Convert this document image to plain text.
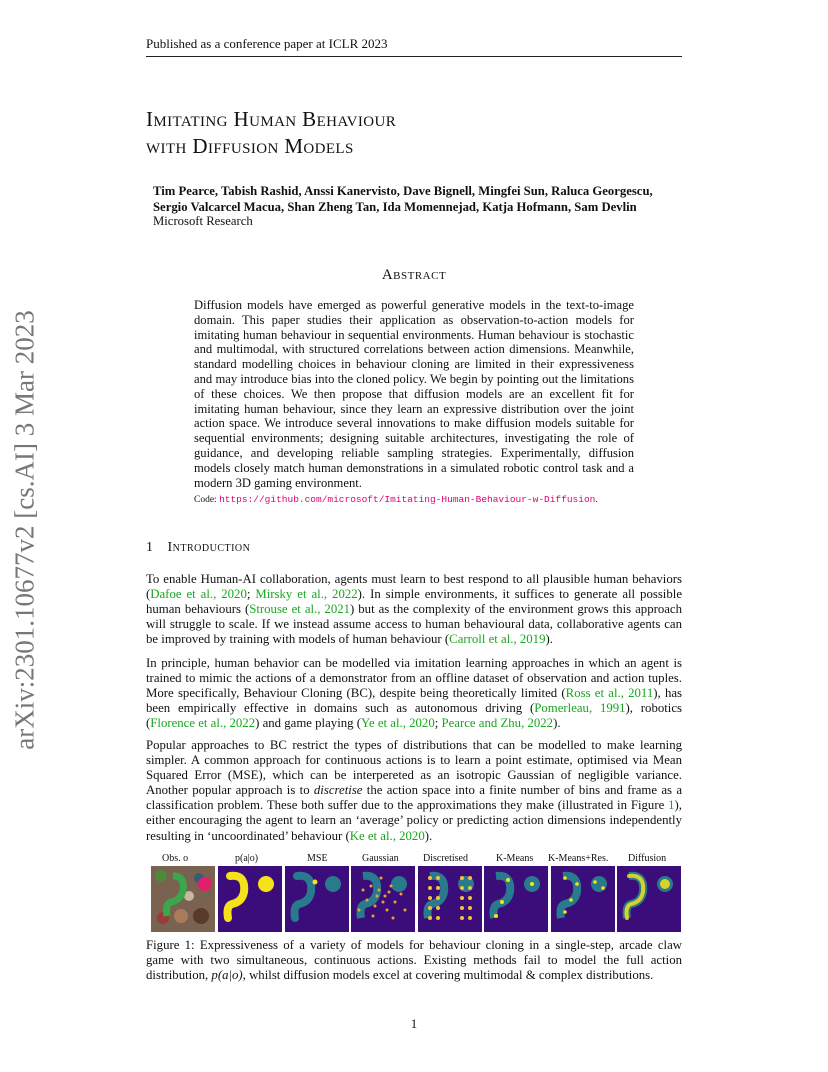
Published as a conference paper at ICLR 2023
arXiv:2301.10677v2 [cs.AI] 3 Mar 2023
Imitating Human Behaviour
with Diffusion Models
Tim Pearce, Tabish Rashid, Anssi Kanervisto, Dave Bignell, Mingfei Sun, Raluca Georgescu,
Sergio Valcarcel Macua, Shan Zheng Tan, Ida Momennejad, Katja Hofmann, Sam Devlin
Microsoft Research
Abstract
Diffusion models have emerged as powerful generative models in the text-to-image domain. This paper studies their application as observation-to-action models for imitating human behaviour in sequential environments. Human behaviour is stochastic and multimodal, with structured correlations between action dimensions. Meanwhile, standard modelling choices in behaviour cloning are limited in their expressiveness and may introduce bias into the cloned policy. We begin by pointing out the limitations of these choices. We then propose that diffusion models are an excellent fit for imitating human behaviour, since they learn an expressive distribution over the joint action space. We introduce several innovations to make diffusion models suitable for sequential environments; designing suitable architectures, investigating the role of guidance, and developing reliable sampling strategies. Experimentally, diffusion models closely match human demonstrations in a simulated robotic control task and a modern 3D gaming environment.
Code: https://github.com/microsoft/Imitating-Human-Behaviour-w-Diffusion.
1 Introduction
To enable Human-AI collaboration, agents must learn to best respond to all plausible human behaviors (Dafoe et al., 2020; Mirsky et al., 2022). In simple environments, it suffices to generate all possible human behaviours (Strouse et al., 2021) but as the complexity of the environment grows this approach will struggle to scale. If we instead assume access to human behavioural data, collaborative agents can be improved by training with models of human behaviour (Carroll et al., 2019).
In principle, human behavior can be modelled via imitation learning approaches in which an agent is trained to mimic the actions of a demonstrator from an offline dataset of observation and action tuples. More specifically, Behaviour Cloning (BC), despite being theoretically limited (Ross et al., 2011), has been empirically effective in domains such as autonomous driving (Pomerleau, 1991), robotics (Florence et al., 2022) and game playing (Ye et al., 2020; Pearce and Zhu, 2022).
Popular approaches to BC restrict the types of distributions that can be modelled to make learning simpler. A common approach for continuous actions is to learn a point estimate, optimised via Mean Squared Error (MSE), which can be interpereted as an isotropic Gaussian of negligible variance. Another popular approach is to discretise the action space into a finite number of bins and frame as a classification problem. These both suffer due to the approximations they make (illustrated in Figure 1), either encouraging the agent to learn an ‘average’ policy or predicting action dimensions independently resulting in ‘uncoordinated’ behaviour (Ke et al., 2020).
Obs. o	p(a|o)	MSE	Gaussian Discretised	K-Means K-Means+Res. Diffusion
Figure 1: Expressiveness of a variety of models for behaviour cloning in a single-step, arcade claw game with two simultaneous, continuous actions. Existing methods fail to model the full action distribution, p(a|o), whilst diffusion models excel at covering multimodal & complex distributions.
1
